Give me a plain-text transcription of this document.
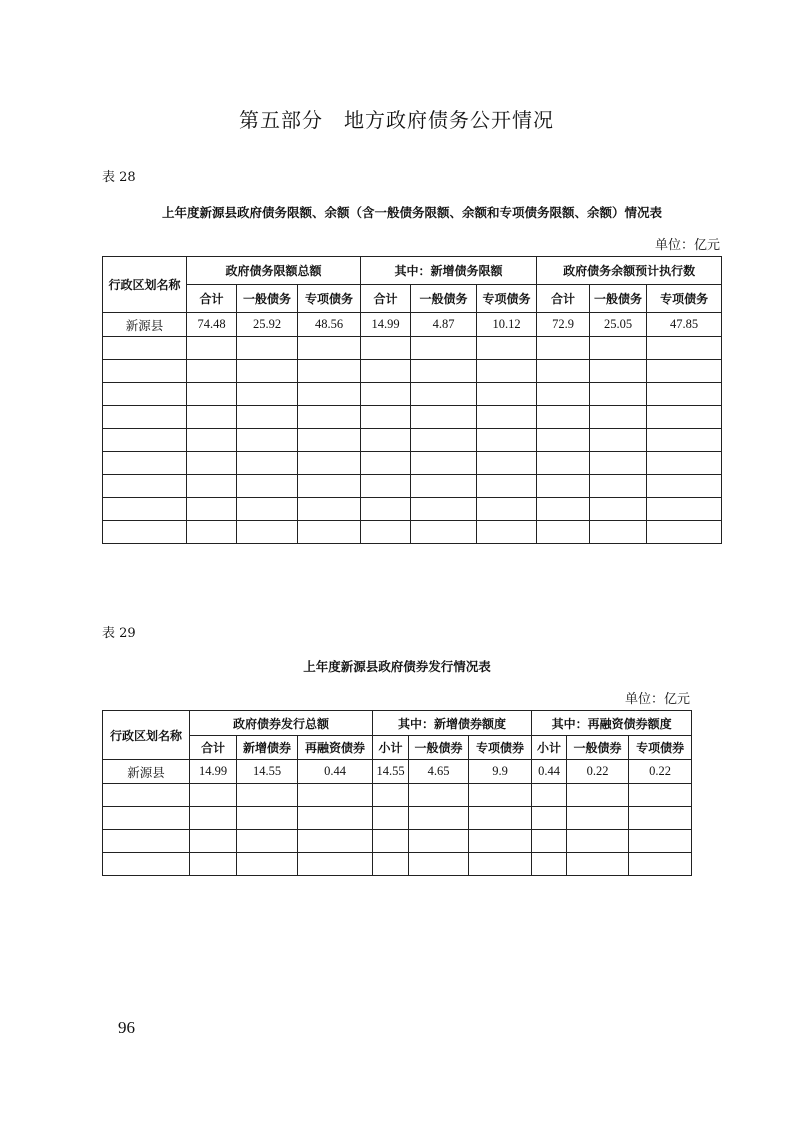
第五部分　地方政府债务公开情况
表 28
上年度新源县政府债务限额、余额（含一般债务限额、余额和专项债务限额、余额）情况表
单位：亿元
行政区划名称	政府债务限额总额			其中：新增债务限额			政府债务余额预计执行数		
	合计	一般债务	专项债务	合计	一般债务	专项债务	合计	一般债务	专项债务
新源县	74.48	25.92	48.56	14.99	4.87	10.12	72.9	25.05	47.85

表 29
上年度新源县政府债券发行情况表
单位：亿元
行政区划名称	政府债券发行总额			其中：新增债券额度			其中：再融资债券额度		
	合计	新增债券	再融资债券	小计	一般债券	专项债券	小计	一般债券	专项债券
新源县	14.99	14.55	0.44	14.55	4.65	9.9	0.44	0.22	0.22

96
